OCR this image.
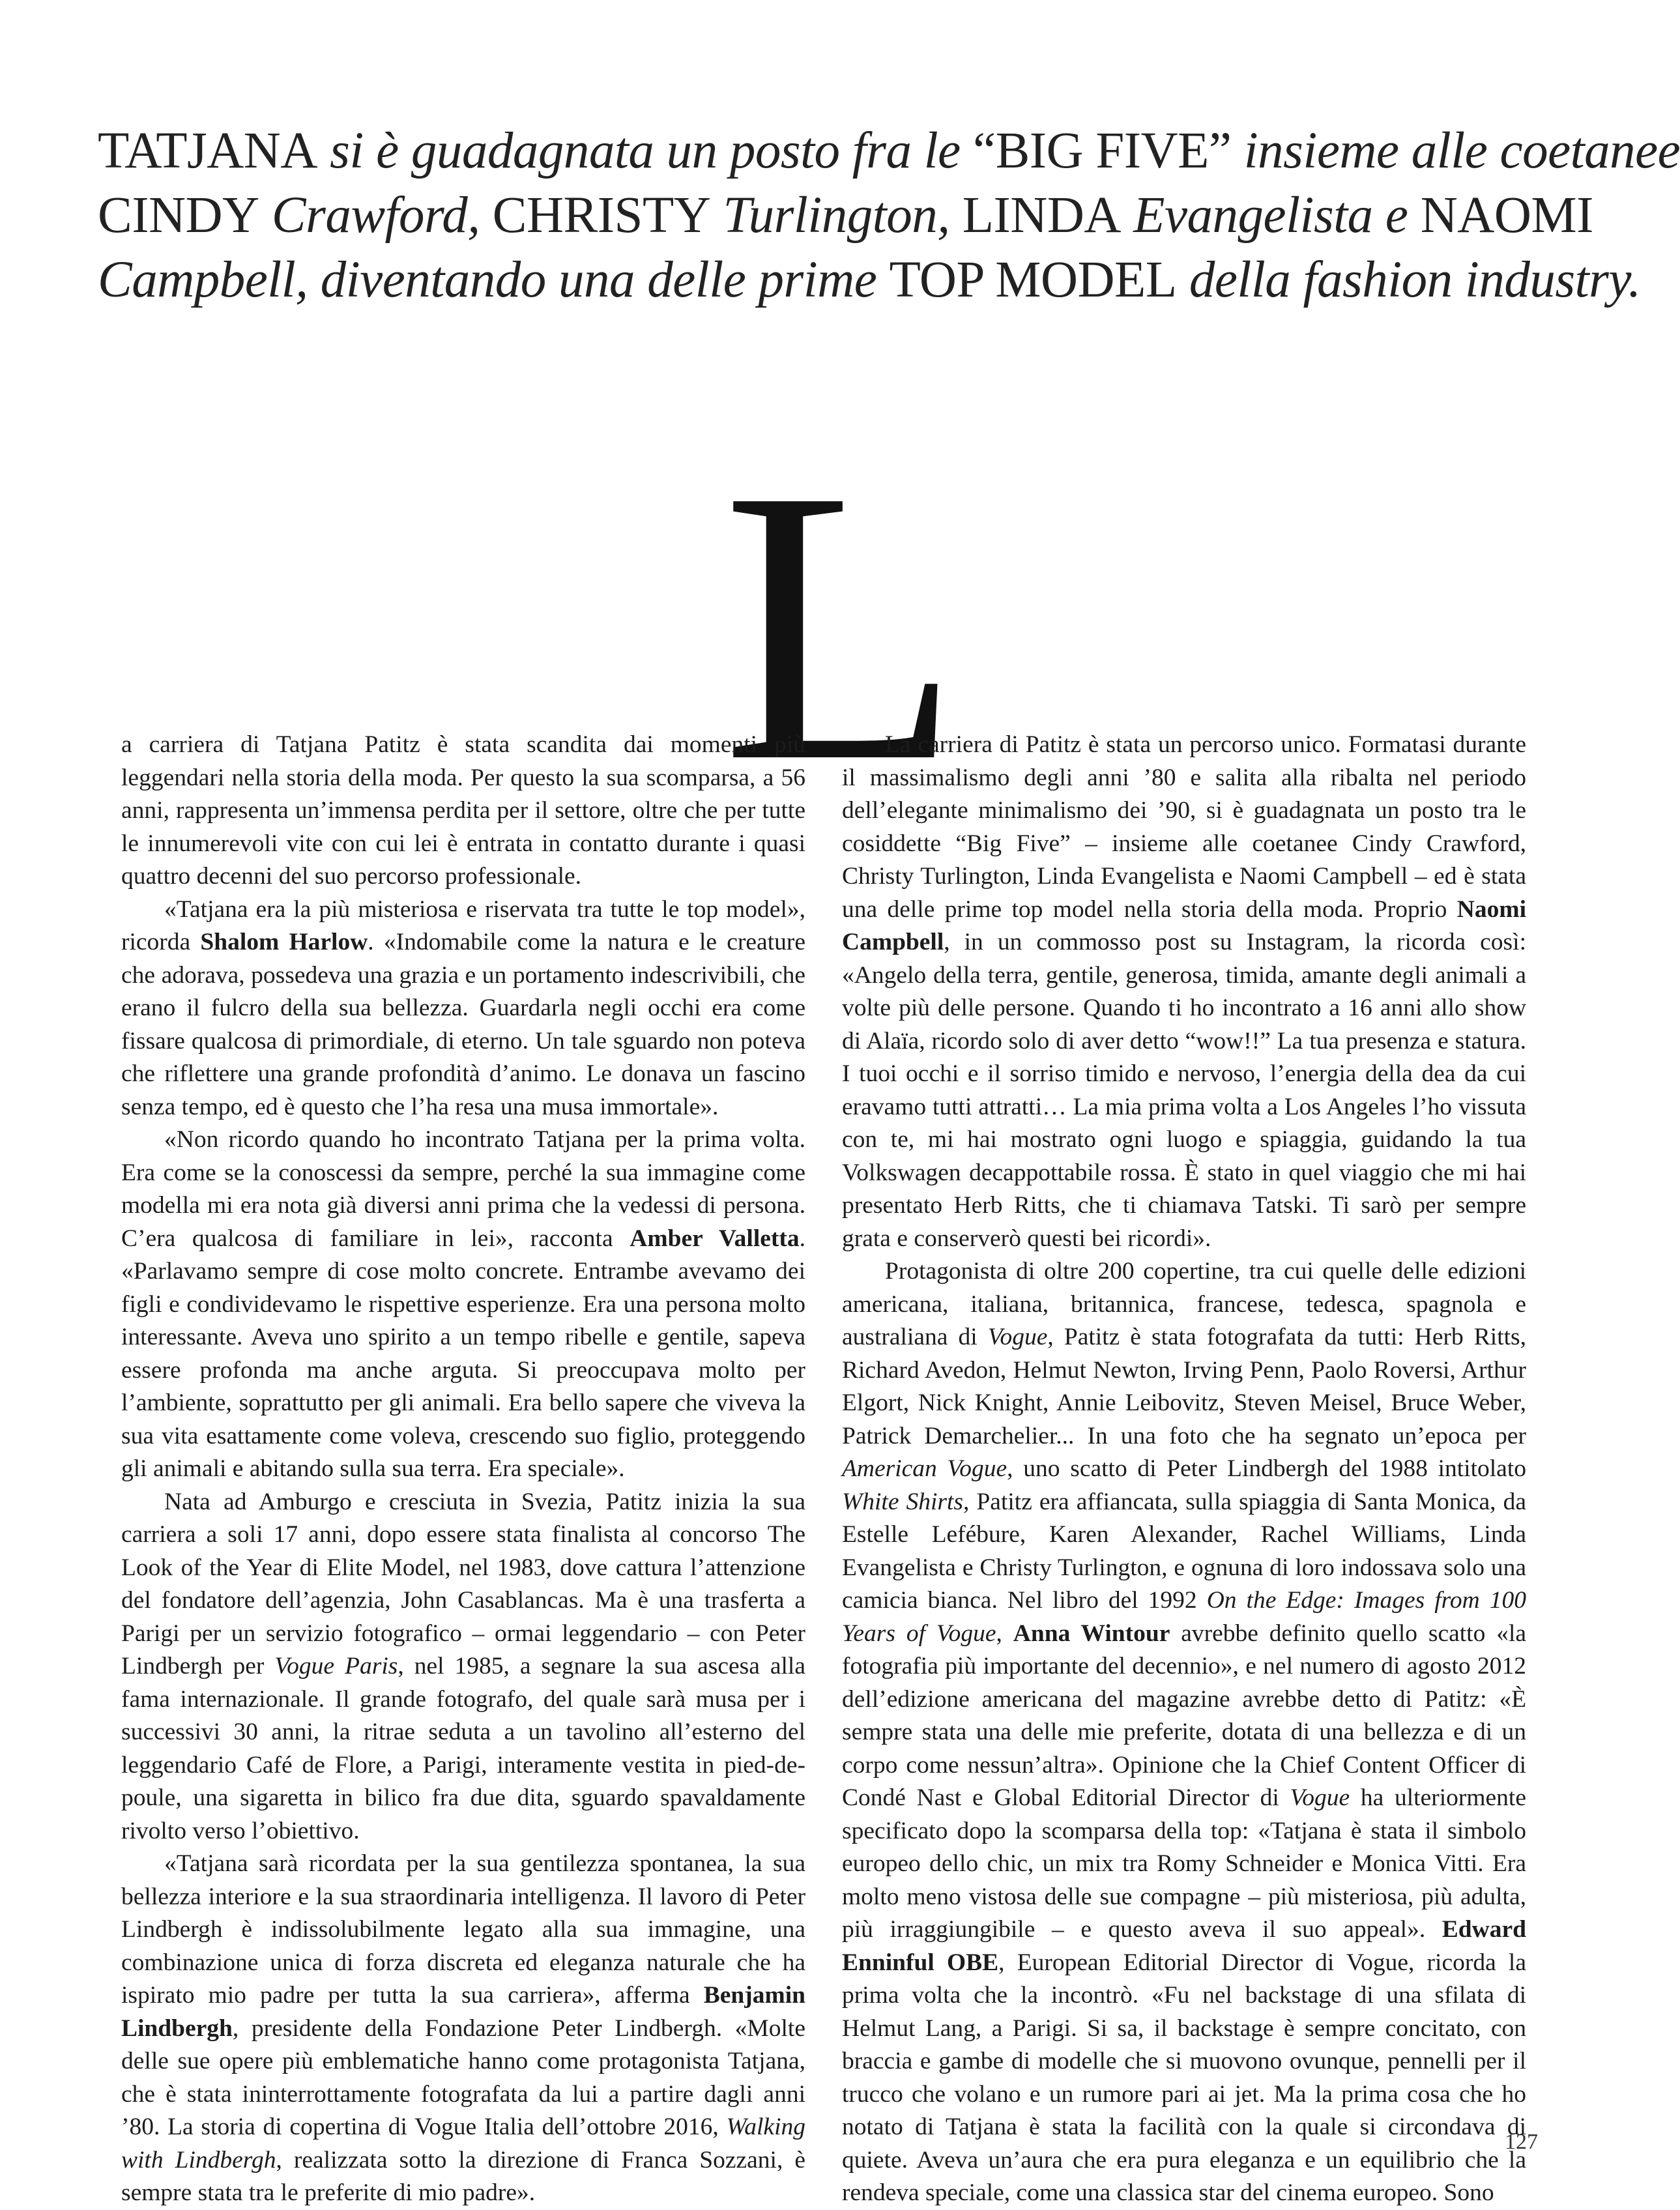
TATJANA si è guadagnata un posto fra le “BIG FIVE” insieme alle coetanee
CINDY Crawford, CHRISTY Turlington, LINDA Evangelista e NAOMI
Campbell, diventando una delle prime TOP MODEL della fashion industry.
L

a carriera di Tatjana Patitz è stata scandita dai momenti più leggendari nella storia della moda. Per questo la sua scomparsa, a 56 anni, rappresenta un’immensa perdita per il settore, oltre che per tutte le innumerevoli vite con cui lei è entrata in contatto durante i quasi quattro decenni del suo percorso professionale.

«Tatjana era la più misteriosa e riservata tra tutte le top model», ricorda Shalom Harlow. «Indomabile come la natura e le creature che adorava, possedeva una grazia e un portamento indescrivibili, che erano il fulcro della sua bellezza. Guardarla negli occhi era come fissare qualcosa di primordiale, di eterno. Un tale sguardo non poteva che riflettere una grande profondità d’animo. Le donava un fascino senza tempo, ed è questo che l’ha resa una musa immortale».

«Non ricordo quando ho incontrato Tatjana per la prima volta. Era come se la conoscessi da sempre, perché la sua immagine come modella mi era nota già diversi anni prima che la vedessi di persona. C’era qualcosa di familiare in lei», racconta Amber Valletta. «Parlavamo sempre di cose molto concrete. Entrambe avevamo dei figli e condividevamo le rispettive esperienze. Era una persona molto interessante. Aveva uno spirito a un tempo ribelle e gentile, sapeva essere profonda ma anche arguta. Si preoccupava molto per l’ambiente, soprattutto per gli animali. Era bello sapere che viveva la sua vita esattamente come voleva, crescendo suo figlio, proteggendo gli animali e abitando sulla sua terra. Era speciale».

Nata ad Amburgo e cresciuta in Svezia, Patitz inizia la sua carriera a soli 17 anni, dopo essere stata finalista al concorso The Look of the Year di Elite Model, nel 1983, dove cattura l’attenzione del fondatore dell’agenzia, John Casablancas. Ma è una trasferta a Parigi per un servizio fotografico – ormai leggendario – con Peter Lindbergh per Vogue Paris, nel 1985, a segnare la sua ascesa alla fama internazionale. Il grande fotografo, del quale sarà musa per i successivi 30 anni, la ritrae seduta a un tavolino all’esterno del leggendario Café de Flore, a Parigi, interamente vestita in pied-de-poule, una sigaretta in bilico fra due dita, sguardo spavaldamente rivolto verso l’obiettivo.

«Tatjana sarà ricordata per la sua gentilezza spontanea, la sua bellezza interiore e la sua straordinaria intelligenza. Il lavoro di Peter Lindbergh è indissolubilmente legato alla sua immagine, una combinazione unica di forza discreta ed eleganza naturale che ha ispirato mio padre per tutta la sua carriera», afferma Benjamin Lindbergh, presidente della Fondazione Peter Lindbergh. «Molte delle sue opere più emblematiche hanno come protagonista Tatjana, che è stata ininterrottamente fotografata da lui a partire dagli anni ’80. La storia di copertina di Vogue Italia dell’ottobre 2016, Walking with Lindbergh, realizzata sotto la direzione di Franca Sozzani, è sempre stata tra le preferite di mio padre».

La carriera di Patitz è stata un percorso unico. Formatasi durante il massimalismo degli anni ’80 e salita alla ribalta nel periodo dell’elegante minimalismo dei ’90, si è guadagnata un posto tra le cosiddette “Big Five” – insieme alle coetanee Cindy Crawford, Christy Turlington, Linda Evangelista e Naomi Campbell – ed è stata una delle prime top model nella storia della moda. Proprio Naomi Campbell, in un commosso post su Instagram, la ricorda così: «Angelo della terra, gentile, generosa, timida, amante degli animali a volte più delle persone. Quando ti ho incontrato a 16 anni allo show di Alaïa, ricordo solo di aver detto “wow!!” La tua presenza e statura. I tuoi occhi e il sorriso timido e nervoso, l’energia della dea da cui eravamo tutti attratti… La mia prima volta a Los Angeles l’ho vissuta con te, mi hai mostrato ogni luogo e spiaggia, guidando la tua Volkswagen decappottabile rossa. È stato in quel viaggio che mi hai presentato Herb Ritts, che ti chiamava Tatski. Ti sarò per sempre grata e conserverò questi bei ricordi».

Protagonista di oltre 200 copertine, tra cui quelle delle edizioni americana, italiana, britannica, francese, tedesca, spagnola e australiana di Vogue, Patitz è stata fotografata da tutti: Herb Ritts, Richard Avedon, Helmut Newton, Irving Penn, Paolo Roversi, Arthur Elgort, Nick Knight, Annie Leibovitz, Steven Meisel, Bruce Weber, Patrick Demarchelier... In una foto che ha segnato un’epoca per American Vogue, uno scatto di Peter Lindbergh del 1988 intitolato White Shirts, Patitz era affiancata, sulla spiaggia di Santa Monica, da Estelle Lefébure, Karen Alexander, Rachel Williams, Linda Evangelista e Christy Turlington, e ognuna di loro indossava solo una camicia bianca. Nel libro del 1992 On the Edge: Images from 100 Years of Vogue, Anna Wintour avrebbe definito quello scatto «la fotografia più importante del decennio», e nel numero di agosto 2012 dell’edizione americana del magazine avrebbe detto di Patitz: «È sempre stata una delle mie preferite, dotata di una bellezza e di un corpo come nessun’altra». Opinione che la Chief Content Officer di Condé Nast e Global Editorial Director di Vogue ha ulteriormente specificato dopo la scomparsa della top: «Tatjana è stata il simbolo europeo dello chic, un mix tra Romy Schneider e Monica Vitti. Era molto meno vistosa delle sue compagne – più misteriosa, più adulta, più irraggiungibile – e questo aveva il suo appeal». Edward Enninful OBE, European Editorial Director di Vogue, ricorda la prima volta che la incontrò. «Fu nel backstage di una sfilata di Helmut Lang, a Parigi. Si sa, il backstage è sempre concitato, con braccia e gambe di modelle che si muovono ovunque, pennelli per il trucco che volano e un rumore pari ai jet. Ma la prima cosa che ho notato di Tatjana è stata la facilità con la quale si circondava di quiete. Aveva un’aura che era pura eleganza e un equilibrio che la rendeva speciale, come una classica star del cinema europeo. Sono

127
